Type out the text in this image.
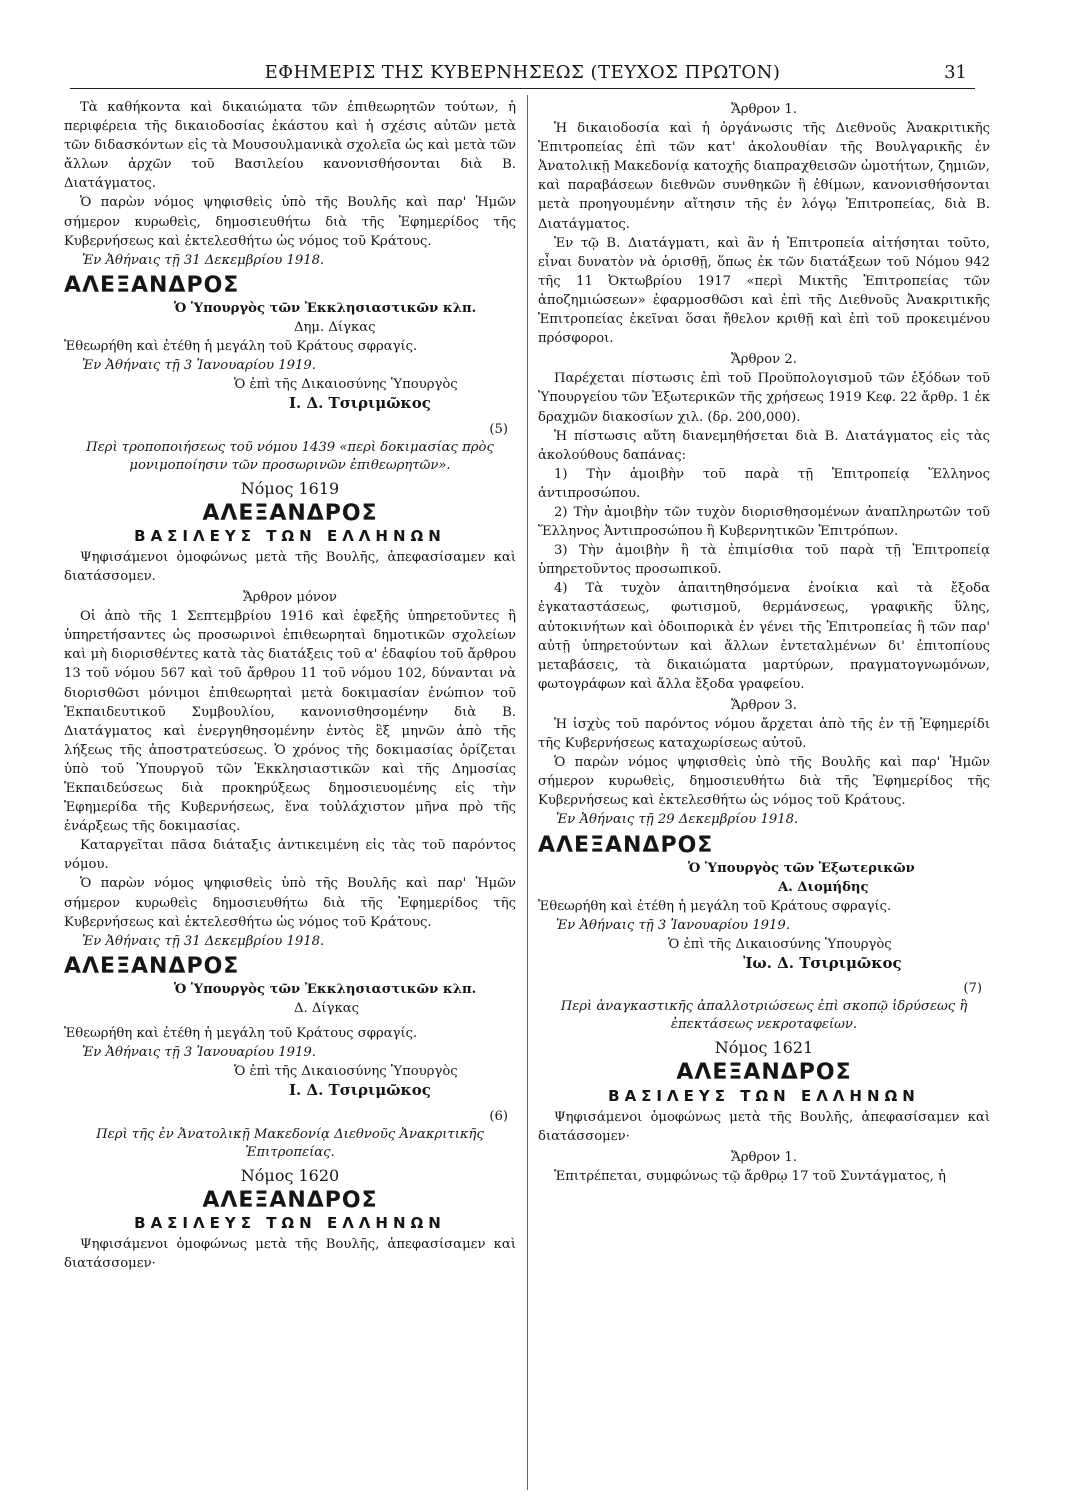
ΕΦΗΜΕΡΙΣ ΤΗΣ ΚΥΒΕΡΝΗΣΕΩΣ (ΤΕΥΧΟΣ ΠΡΩΤΟΝ)	31

Τὰ καθήκοντα καὶ δικαιώματα τῶν ἐπιθεωρητῶν τούτων, ἡ περιφέρεια τῆς δικαιοδοσίας ἑκάστου καὶ ἡ σχέσις αὐτῶν μετὰ τῶν διδασκόντων εἰς τὰ Μουσουλμανικὰ σχολεῖα ὡς καὶ μετὰ τῶν ἄλλων ἀρχῶν τοῦ Βασιλείου κανονισθήσονται διὰ Β. Διατάγματος.

Ὁ παρὼν νόμος ψηφισθεὶς ὑπὸ τῆς Βουλῆς καὶ παρ' Ἡμῶν σήμερον κυρωθεὶς, δημοσιευθήτω διὰ τῆς Ἐφημερίδος τῆς Κυβερνήσεως καὶ ἐκτελεσθήτω ὡς νόμος τοῦ Κράτους.

Ἐν Ἀθήναις τῇ 31 Δεκεμβρίου 1918.

ΑΛΕΞΑΝΔΡΟΣ

Ὁ Ὑπουργὸς τῶν Ἐκκλησιαστικῶν κλπ.

Δημ. Δίγκας

Ἐθεωρήθη καὶ ἐτέθη ἡ μεγάλη τοῦ Κράτους σφραγίς.

Ἐν Ἀθήναις τῇ 3 Ἰανουαρίου 1919.

Ὁ ἐπὶ τῆς Δικαιοσύνης Ὑπουργὸς

Ι. Δ. Τσιριμῶκος

(5)

Περὶ τροποποιήσεως τοῦ νόμου 1439 «περὶ δοκιμασίας πρὸς μονιμοποίησιν τῶν προσωρινῶν ἐπιθεωρητῶν».

Νόμος 1619

ΑΛΕΞΑΝΔΡΟΣ
ΒΑΣΙΛΕΥΣ ΤΩΝ ΕΛΛΗΝΩΝ

Ψηφισάμενοι ὁμοφώνως μετὰ τῆς Βουλῆς, ἀπεφασίσαμεν καὶ διατάσσομεν.

Ἄρθρον μόνον

Οἱ ἀπὸ τῆς 1 Σεπτεμβρίου 1916 καὶ ἐφεξῆς ὑπηρετοῦντες ἢ ὑπηρετήσαντες ὡς προσωρινοὶ ἐπιθεωρηταὶ δημοτικῶν σχολείων καὶ μὴ διορισθέντες κατὰ τὰς διατάξεις τοῦ α' ἐδαφίου τοῦ ἄρθρου 13 τοῦ νόμου 567 καὶ τοῦ ἄρθρου 11 τοῦ νόμου 102, δύνανται νὰ διορισθῶσι μόνιμοι ἐπιθεωρηταὶ μετὰ δοκιμασίαν ἐνώπιον τοῦ Ἐκπαιδευτικοῦ Συμβουλίου, κανονισθησομένην διὰ Β. Διατάγματος καὶ ἐνεργηθησομένην ἐντὸς ἓξ μηνῶν ἀπὸ τῆς λήξεως τῆς ἀποστρατεύσεως. Ὁ χρόνος τῆς δοκιμασίας ὁρίζεται ὑπὸ τοῦ Ὑπουργοῦ τῶν Ἐκκλησιαστικῶν καὶ τῆς Δημοσίας Ἐκπαιδεύσεως διὰ προκηρύξεως δημοσιευομένης εἰς τὴν Ἐφημερίδα τῆς Κυβερνήσεως, ἕνα τοὐλάχιστον μῆνα πρὸ τῆς ἐνάρξεως τῆς δοκιμασίας.

Καταργεῖται πᾶσα διάταξις ἀντικειμένη εἰς τὰς τοῦ παρόντος νόμου.

Ὁ παρὼν νόμος ψηφισθεὶς ὑπὸ τῆς Βουλῆς καὶ παρ' Ἡμῶν σήμερον κυρωθεὶς δημοσιευθήτω διὰ τῆς Ἐφημερίδος τῆς Κυβερνήσεως καὶ ἐκτελεσθήτω ὡς νόμος τοῦ Κράτους.

Ἐν Ἀθήναις τῇ 31 Δεκεμβρίου 1918.

ΑΛΕΞΑΝΔΡΟΣ

Ὁ Ὑπουργὸς τῶν Ἐκκλησιαστικῶν κλπ.

Δ. Δίγκας

Ἐθεωρήθη καὶ ἐτέθη ἡ μεγάλη τοῦ Κράτους σφραγίς.

Ἐν Ἀθήναις τῇ 3 Ἰανουαρίου 1919.

Ὁ ἐπὶ τῆς Δικαιοσύνης Ὑπουργὸς

Ι. Δ. Τσιριμῶκος

(6)

Περὶ τῆς ἐν Ἀνατολικῇ Μακεδονίᾳ Διεθνοῦς Ἀνακριτικῆς Ἐπιτροπείας.

Νόμος 1620

ΑΛΕΞΑΝΔΡΟΣ
ΒΑΣΙΛΕΥΣ ΤΩΝ ΕΛΛΗΝΩΝ

Ψηφισάμενοι ὁμοφώνως μετὰ τῆς Βουλῆς, ἀπεφασίσαμεν καὶ διατάσσομεν·

Ἄρθρον 1.

Ἡ δικαιοδοσία καὶ ἡ ὀργάνωσις τῆς Διεθνοῦς Ἀνακριτικῆς Ἐπιτροπείας ἐπὶ τῶν κατ' ἀκολουθίαν τῆς Βουλγαρικῆς ἐν Ἀνατολικῇ Μακεδονίᾳ κατοχῆς διαπραχθεισῶν ὠμοτήτων, ζημιῶν, καὶ παραβάσεων διεθνῶν συνθηκῶν ἢ ἐθίμων, κανονισθήσονται μετὰ προηγουμένην αἴτησιν τῆς ἐν λόγῳ Ἐπιτροπείας, διὰ Β. Διατάγματος.

Ἐν τῷ Β. Διατάγματι, καὶ ἂν ἡ Ἐπιτροπεία αἰτήσηται τοῦτο, εἶναι δυνατὸν νὰ ὁρισθῇ, ὅπως ἐκ τῶν διατάξεων τοῦ Νόμου 942 τῆς 11 Ὀκτωβρίου 1917 «περὶ Μικτῆς Ἐπιτροπείας τῶν ἀποζημιώσεων» ἐφαρμοσθῶσι καὶ ἐπὶ τῆς Διεθνοῦς Ἀνακριτικῆς Ἐπιτροπείας ἐκεῖναι ὅσαι ἤθελον κριθῇ καὶ ἐπὶ τοῦ προκειμένου πρόσφοροι.

Ἄρθρον 2.

Παρέχεται πίστωσις ἐπὶ τοῦ Προϋπολογισμοῦ τῶν ἐξόδων τοῦ Ὑπουργείου τῶν Ἐξωτερικῶν τῆς χρήσεως 1919 Κεφ. 22 ἄρθρ. 1 ἐκ δραχμῶν διακοσίων χιλ. (δρ. 200,000).

Ἡ πίστωσις αὕτη διανεμηθήσεται διὰ Β. Διατάγματος εἰς τὰς ἀκολούθους δαπάνας:

1) Τὴν ἀμοιβὴν τοῦ παρὰ τῇ Ἐπιτροπείᾳ Ἕλληνος ἀντιπροσώπου.

2) Τὴν ἀμοιβὴν τῶν τυχὸν διορισθησομένων ἀναπληρωτῶν τοῦ Ἕλληνος Ἀντιπροσώπου ἢ Κυβερνητικῶν Ἐπιτρόπων.

3) Τὴν ἀμοιβὴν ἢ τὰ ἐπιμίσθια τοῦ παρὰ τῇ Ἐπιτροπείᾳ ὑπηρετοῦντος προσωπικοῦ.

4) Τὰ τυχὸν ἀπαιτηθησόμενα ἐνοίκια καὶ τὰ ἔξοδα ἐγκαταστάσεως, φωτισμοῦ, θερμάνσεως, γραφικῆς ὕλης, αὐτοκινήτων καὶ ὁδοιπορικὰ ἐν γένει τῆς Ἐπιτροπείας ἢ τῶν παρ' αὐτῇ ὑπηρετούντων καὶ ἄλλων ἐντεταλμένων δι' ἐπιτοπίους μεταβάσεις, τὰ δικαιώματα μαρτύρων, πραγματογνωμόνων, φωτογράφων καὶ ἄλλα ἔξοδα γραφείου.

Ἄρθρον 3.

Ἡ ἰσχὺς τοῦ παρόντος νόμου ἄρχεται ἀπὸ τῆς ἐν τῇ Ἐφημερίδι τῆς Κυβερνήσεως καταχωρίσεως αὐτοῦ.

Ὁ παρὼν νόμος ψηφισθεὶς ὑπὸ τῆς Βουλῆς καὶ παρ' Ἡμῶν σήμερον κυρωθεὶς, δημοσιευθήτω διὰ τῆς Ἐφημερίδος τῆς Κυβερνήσεως καὶ ἐκτελεσθήτω ὡς νόμος τοῦ Κράτους.

Ἐν Ἀθήναις τῇ 29 Δεκεμβρίου 1918.

ΑΛΕΞΑΝΔΡΟΣ

Ὁ Ὑπουργὸς τῶν Ἐξωτερικῶν

Α. Διομήδης

Ἐθεωρήθη καὶ ἐτέθη ἡ μεγάλη τοῦ Κράτους σφραγίς.

Ἐν Ἀθήναις τῇ 3 Ἰανουαρίου 1919.

Ὁ ἐπὶ τῆς Δικαιοσύνης Ὑπουργὸς

Ἰω. Δ. Τσιριμῶκος

(7)

Περὶ ἀναγκαστικῆς ἀπαλλοτριώσεως ἐπὶ σκοπῷ ἱδρύσεως ἢ ἐπεκτάσεως νεκροταφείων.

Νόμος 1621

ΑΛΕΞΑΝΔΡΟΣ
ΒΑΣΙΛΕΥΣ ΤΩΝ ΕΛΛΗΝΩΝ

Ψηφισάμενοι ὁμοφώνως μετὰ τῆς Βουλῆς, ἀπεφασίσαμεν καὶ διατάσσομεν·

Ἄρθρον 1.

Ἐπιτρέπεται, συμφώνως τῷ ἄρθρῳ 17 τοῦ Συντάγματος, ἡ
